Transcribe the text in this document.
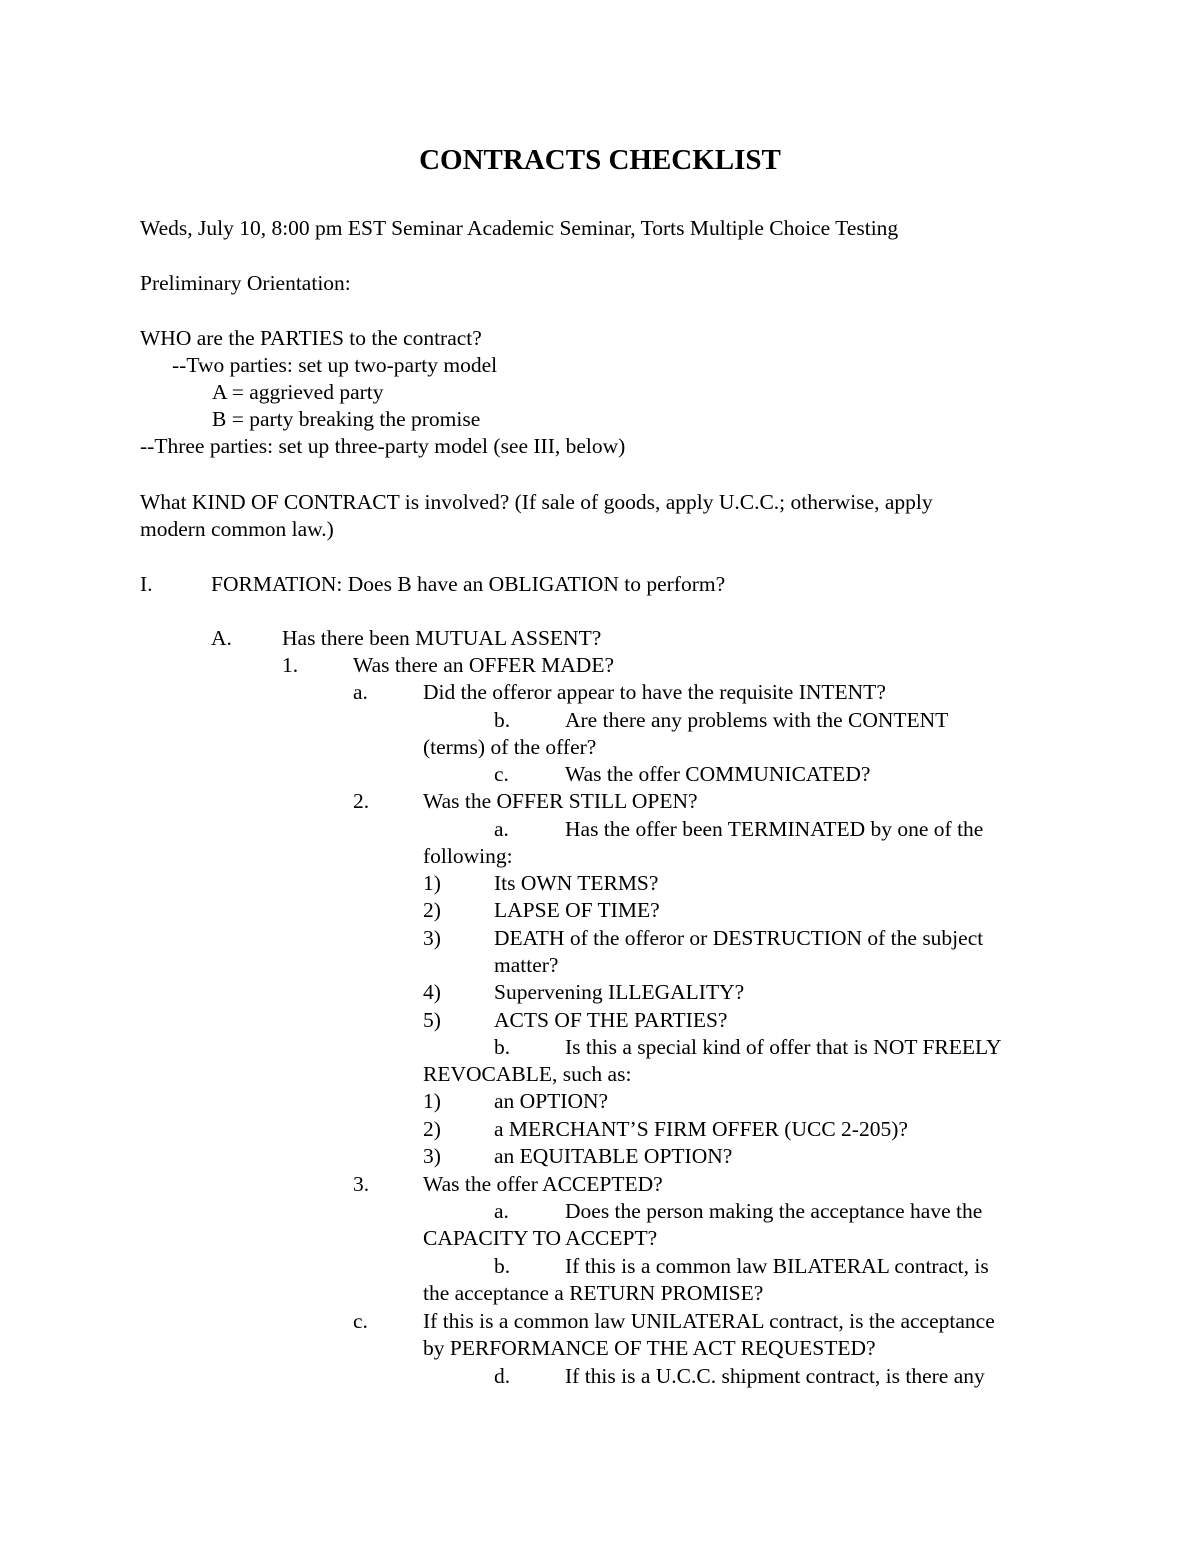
CONTRACTS CHECKLIST
Weds, July 10, 8:00 pm EST Seminar Academic Seminar, Torts Multiple Choice Testing
Preliminary Orientation:
WHO are the PARTIES to the contract?
--Two parties: set up two-party model
A = aggrieved party
B = party breaking the promise
--Three parties: set up three-party model (see III, below)
What KIND OF CONTRACT is involved? (If sale of goods, apply U.C.C.; otherwise, apply
modern common law.)
I.	FORMATION: Does B have an OBLIGATION to perform?
A. Has there been MUTUAL ASSENT?
1.	Was there an OFFER MADE?
a.	Did the offeror appear to have the requisite INTENT?
b.	Are there any problems with the CONTENT
(terms) of the offer?
c.	Was the offer COMMUNICATED?
2.	Was the OFFER STILL OPEN?
a.	Has the offer been TERMINATED by one of the
following:
1) Its OWN TERMS?
2) LAPSE OF TIME?
3) DEATH of the offeror or DESTRUCTION of the subject
matter?
4) Supervening ILLEGALITY?
5) ACTS OF THE PARTIES?
b.	Is this a special kind of offer that is NOT FREELY
REVOCABLE, such as:
1) an OPTION?
2) a MERCHANT’S FIRM OFFER (UCC 2-205)?
3) an EQUITABLE OPTION?
3.	Was the offer ACCEPTED?
a.	Does the person making the acceptance have the
CAPACITY TO ACCEPT?
b.	If this is a common law BILATERAL contract, is
the acceptance a RETURN PROMISE?
c.	If this is a common law UNILATERAL contract, is the acceptance
by PERFORMANCE OF THE ACT REQUESTED?
d.	If this is a U.C.C. shipment contract, is there any
